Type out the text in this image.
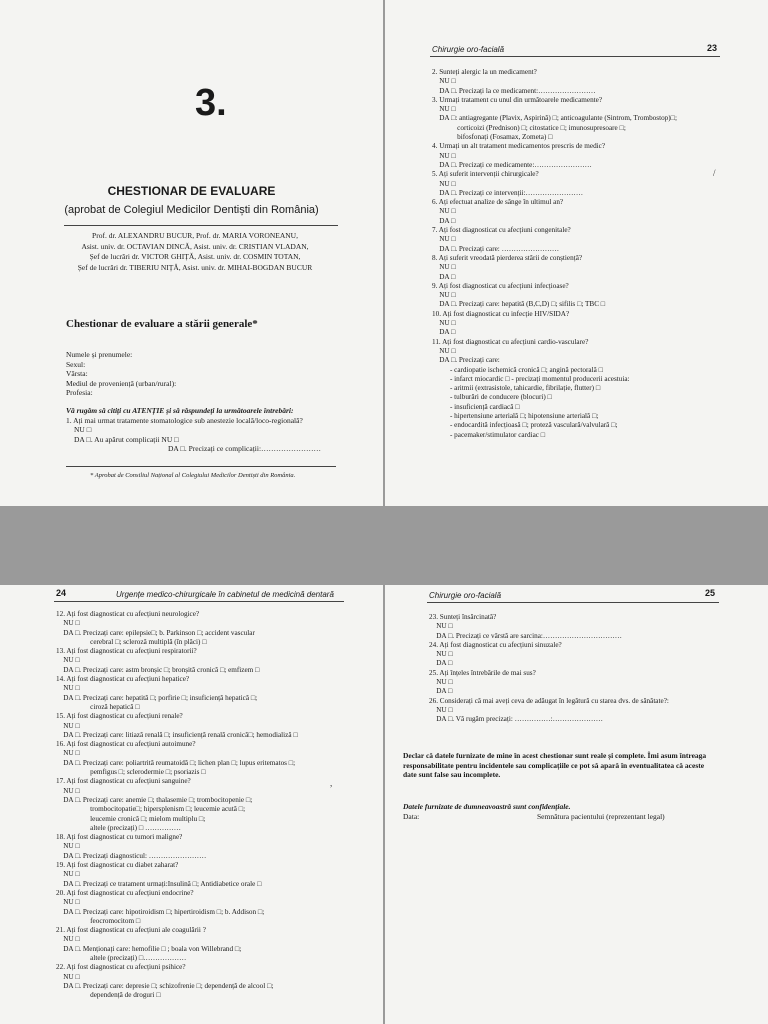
3.
CHESTIONAR DE EVALUARE
(aprobat de Colegiul Medicilor Dentiști din România)
Prof. dr. ALEXANDRU BUCUR, Prof. dr. MARIA VORONEANU,
Asist. univ. dr. OCTAVIAN DINCĂ, Asist. univ. dr. CRISTIAN VLADAN,
Șef de lucrări dr. VICTOR GHIȚĂ, Asist. univ. dr. COSMIN TOTAN,
Șef de lucrări dr. TIBERIU NIȚĂ, Asist. univ. dr. MIHAI-BOGDAN BUCUR
Chestionar de evaluare a stării generale*
Numele și prenumele:
Sexul:
Vârsta:
Mediul de proveniență (urban/rural):
Profesia:
Vă rugăm să citiți cu ATENȚIE și să răspundeți la următoarele întrebări:
1. Ați mai urmat tratamente stomatologice sub anestezie locală/loco-regională?
NU □
DA □. Au apărut complicații NU □
DA □. Precizați ce complicații:……………………
* Aprobat de Consiliul Național al Colegiului Medicilor Dentiști din România.
Chirurgie oro-facială	23
2. Sunteți alergic la un medicament?
NU □
DA □. Precizați la ce medicament:……………………
3. Urmați tratament cu unul din următoarele medicamente?
NU □
DA □: antiagregante (Plavix, Aspirină) □; anticoagulante (Sintrom, Trombostop)□;
corticoizi (Prednison) □; citostatice □; imunosupresoare □;
bifosfonați (Fosamax, Zometa) □
4. Urmați un alt tratament medicamentos prescris de medic?
NU □
DA □. Precizați ce medicamente:……………………
5. Ați suferit intervenții chirurgicale?
NU □
DA □. Precizați ce intervenții:……………………
6. Ați efectuat analize de sânge în ultimul an?
NU □
DA □
7. Ați fost diagnosticat cu afecțiuni congenitale?
NU □
DA □. Precizați care: ……………………
8. Ați suferit vreodată pierderea stării de conștiență?
NU □
DA □
9. Ați fost diagnosticat cu afecțiuni infecțioase?
NU □
DA □. Precizați care: hepatită (B,C,D) □; sifilis □; TBC □
10. Ați fost diagnosticat cu infecție HIV/SIDA?
NU □
DA □
11. Ați fost diagnosticat cu afecțiuni cardio-vasculare?
NU □
DA □. Precizați care:
- cardiopatie ischemică cronică □; angină pectorală □
- infarct miocardic □ - precizați momentul producerii acestuia:
- aritmii (extrasistole, tahicardie, fibrilație, flutter) □
- tulburări de conducere (blocuri) □
- insuficiență cardiacă □
- hipertensiune arterială □; hipotensiune arterială □;
- endocardită infecțioasă □; proteză vasculară/valvulară □;
- pacemaker/stimulator cardiac □
/
24	Urgențe medico-chirurgicale în cabinetul de medicină dentară
12. Ați fost diagnosticat cu afecțiuni neurologice?
NU □
DA □. Precizați care: epilepsie□; b. Parkinson □; accident vascular
cerebral □; scleroză multiplă (în plăci) □
13. Ați fost diagnosticat cu afecțiuni respiratorii?
NU □
DA □. Precizați care: astm bronșic □; bronșită cronică □; emfizem □
14. Ați fost diagnosticat cu afecțiuni hepatice?
NU □
DA □. Precizați care: hepatită □; porfirie □; insuficiență hepatică □;
ciroză hepatică □
15. Ați fost diagnosticat cu afecțiuni renale?
NU □
DA □. Precizați care: litiază renală □; insuficiență renală cronică□; hemodializă □
16. Ați fost diagnosticat cu afecțiuni autoimune?
NU □
DA □. Precizați care: poliartrită reumatoidă □; lichen plan □; lupus eritematos □;
pemfigus □; sclerodermie □; psoriazis □
17. Ați fost diagnosticat cu afecțiuni sanguine?
NU □
DA □. Precizați care: anemie □; thalasemie □; trombocitopenie □;
trombocitopatie□; hipersplenism □; leucemie acută □;
leucemie cronică □; mielom multiplu □;
altele (precizați) □ ……………
18. Ați fost diagnosticat cu tumori maligne?
NU □
DA □. Precizați diagnosticul: ……………………
19. Ați fost diagnosticat cu diabet zaharat?
NU □
DA □. Precizați ce tratament urmați:Insulină □; Antidiabetice orale □
20. Ați fost diagnosticat cu afecțiuni endocrine?
NU □
DA □. Precizați care: hipotiroidism □; hipertiroidism □; b. Addison □;
feocromocitom □
21. Ați fost diagnosticat cu afecțiuni ale coagulării ?
NU □
DA □. Menționați care: hemofilie □ ; boala von Willebrand □;
altele (precizați) □………………
22. Ați fost diagnosticat cu afecțiuni psihice?
NU □
DA □. Precizați care: depresie □; schizofrenie □; dependență de alcool □;
dependență de droguri □
,
Chirurgie oro-facială	25
23. Sunteți însărcinată?
NU □
DA □. Precizați ce vârstă are sarcina:……………………………
24. Ați fost diagnosticat cu afecțiuni sinuzale?
NU □
DA □
25. Ați înțeles întrebările de mai sus?
NU □
DA □
26. Considerați că mai aveți ceva de adăugat în legătură cu starea dvs. de sănătate?:
NU □
DA □. Vă rugăm precizați: ……………:…………………
Declar că datele furnizate de mine în acest chestionar sunt reale și complete. Îmi asum întreaga responsabilitate pentru incidentele sau complicațiile ce pot să apară în eventualitatea că aceste date sunt false sau incomplete.
Datele furnizate de dumneavoastră sunt confidențiale.
Data:	Semnătura pacientului (reprezentant legal)
